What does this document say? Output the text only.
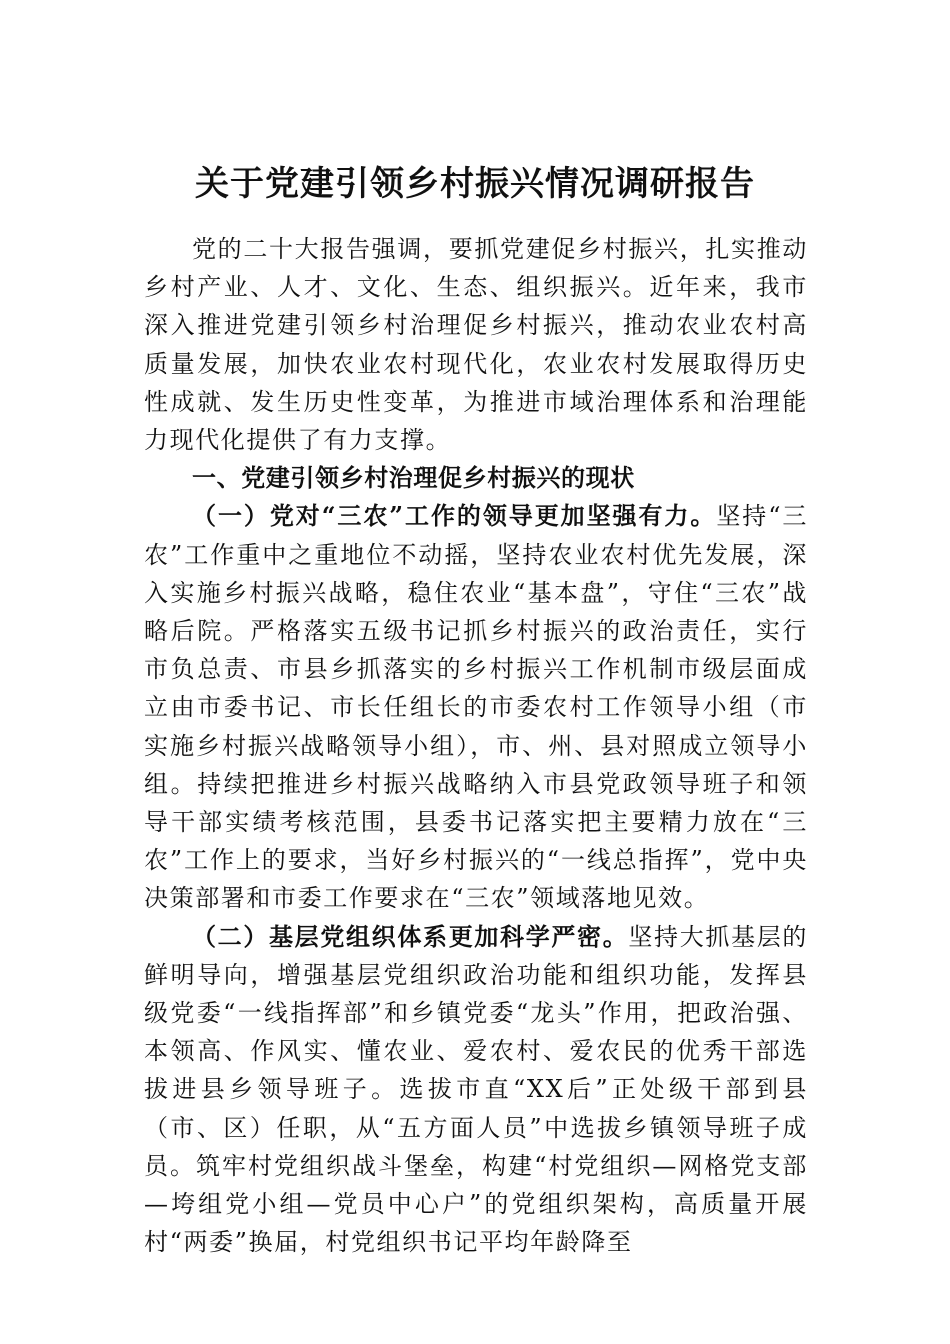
关于党建引领乡村振兴情况调研报告

党的二十大报告强调，要抓党建促乡村振兴，扎实推动乡村产业、人才、文化、生态、组织振兴。近年来，我市深入推进党建引领乡村治理促乡村振兴，推动农业农村高质量发展，加快农业农村现代化，农业农村发展取得历史性成就、发生历史性变革，为推进市域治理体系和治理能力现代化提供了有力支撑。

一、党建引领乡村治理促乡村振兴的现状

（一）党对“三农”工作的领导更加坚强有力。坚持“三农”工作重中之重地位不动摇，坚持农业农村优先发展，深入实施乡村振兴战略，稳住农业“基本盘”，守住“三农”战略后院。严格落实五级书记抓乡村振兴的政治责任，实行市负总责、市县乡抓落实的乡村振兴工作机制市级层面成立由市委书记、市长任组长的市委农村工作领导小组（市实施乡村振兴战略领导小组），市、州、县对照成立领导小组。持续把推进乡村振兴战略纳入市县党政领导班子和领导干部实绩考核范围，县委书记落实把主要精力放在“三农”工作上的要求，当好乡村振兴的“一线总指挥”，党中央决策部署和市委工作要求在“三农”领域落地见效。

（二）基层党组织体系更加科学严密。坚持大抓基层的鲜明导向，增强基层党组织政治功能和组织功能，发挥县级党委“一线指挥部”和乡镇党委“龙头”作用，把政治强、本领高、作风实、懂农业、爱农村、爱农民的优秀干部选拔进县乡领导班子。选拔市直“XX后”正处级干部到县（市、区）任职，从“五方面人员”中选拔乡镇领导班子成员。筑牢村党组织战斗堡垒，构建“村党组织—网格党支部—垮组党小组—党员中心户”的党组织架构，高质量开展村“两委”换届，村党组织书记平均年龄降至
